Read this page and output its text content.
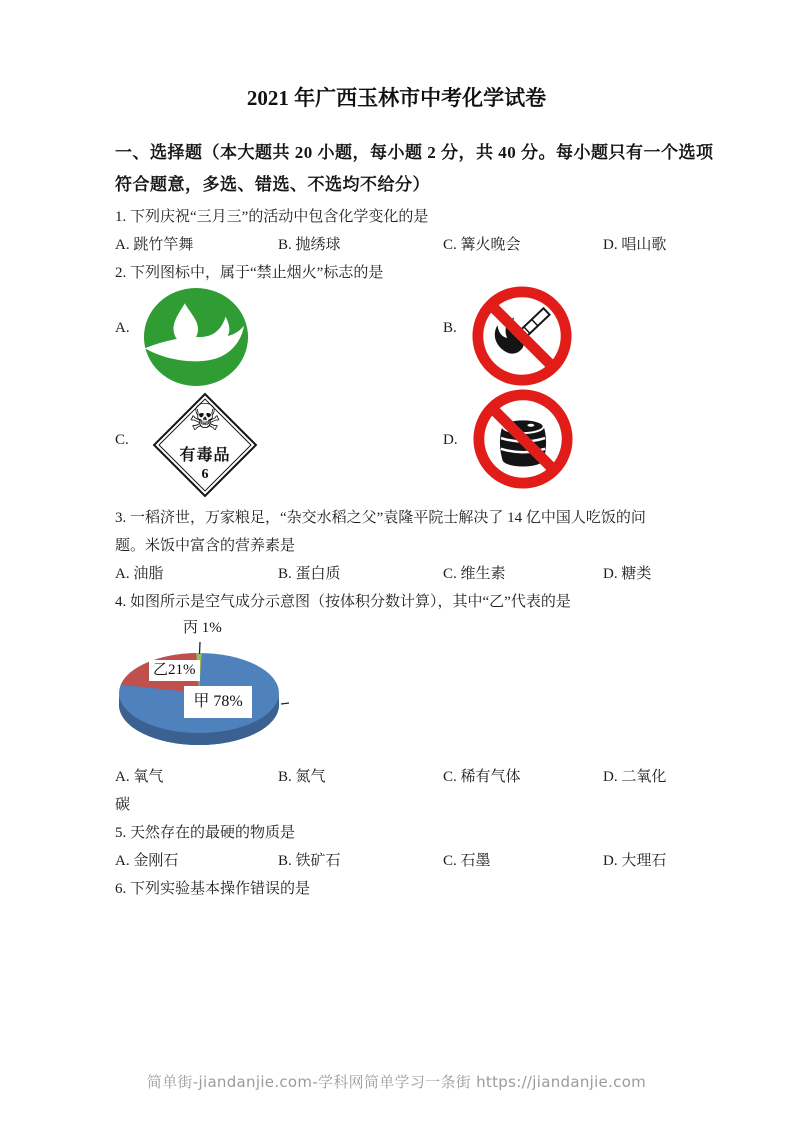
2021 年广西玉林市中考化学试卷
一、选择题（本大题共 20 小题，每小题 2 分，共 40 分。每小题只有一个选项
符合题意，多选、错选、不选均不给分）
1. 下列庆祝“三月三”的活动中包含化学变化的是
A. 跳竹竿舞	B. 抛绣球	C. 篝火晚会	D. 唱山歌
2. 下列图标中，属于“禁止烟火”标志的是
A.	B.
C.
☠
有毒品
6
D.
3. 一稻济世，万家粮足，“杂交水稻之父”袁隆平院士解决了 14 亿中国人吃饭的问题。米饭中富含的营养素是
A. 油脂	B. 蛋白质	C. 维生素	D. 糖类
4. 如图所示是空气成分示意图（按体积分数计算），其中“乙”代表的是
丙 1%
乙21%
甲 78%
A. 氧气	B. 氮气	C. 稀有气体	D. 二氧化
碳
5. 天然存在的最硬的物质是
A. 金刚石	B. 铁矿石	C. 石墨	D. 大理石
6. 下列实验基本操作错误的是
简单街-jiandanjie.com-学科网简单学习一条街 https://jiandanjie.com
